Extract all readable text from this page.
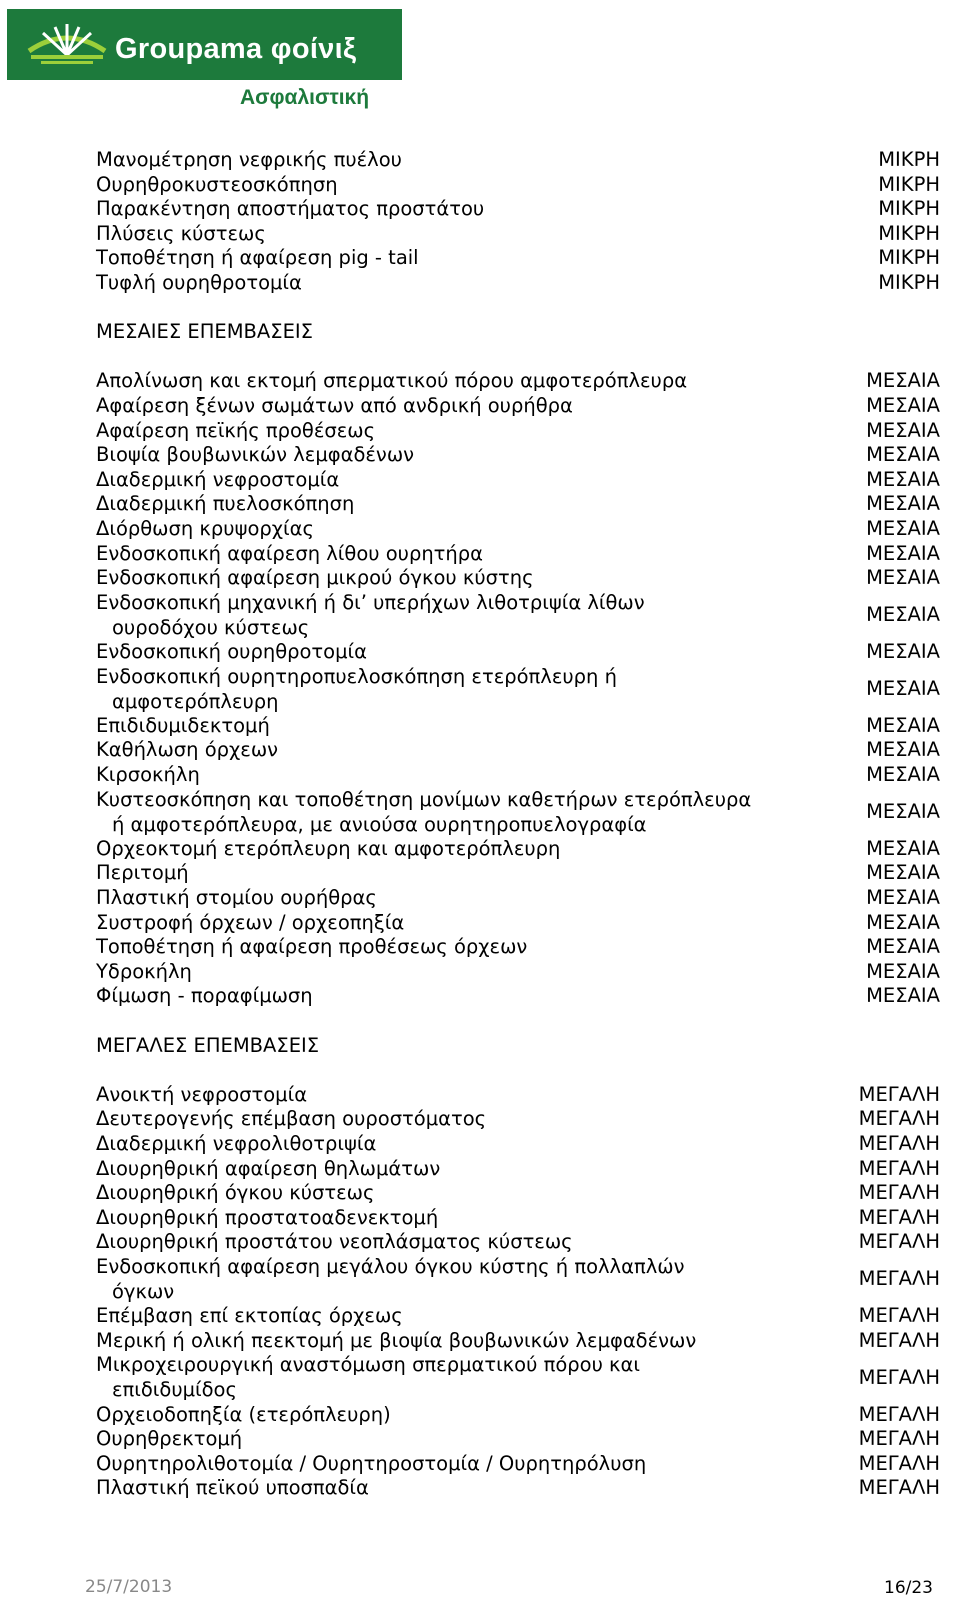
Groupama φοίνιξ
Ασφαλιστική
Μανομέτρηση νεφρικής πυέλου	ΜΙΚΡΗ
Ουρηθροκυστεοσκόπηση	ΜΙΚΡΗ
Παρακέντηση αποστήματος προστάτου	ΜΙΚΡΗ
Πλύσεις κύστεως	ΜΙΚΡΗ
Τοποθέτηση ή αφαίρεση pig - tail	ΜΙΚΡΗ
Τυφλή ουρηθροτομία	ΜΙΚΡΗ
ΜΕΣΑΙΕΣ ΕΠΕΜΒΑΣΕΙΣ
Απολίνωση και εκτομή σπερματικού πόρου αμφοτερόπλευρα	ΜΕΣΑΙΑ
Αφαίρεση ξένων σωμάτων από ανδρική ουρήθρα	ΜΕΣΑΙΑ
Αφαίρεση πεϊκής προθέσεως	ΜΕΣΑΙΑ
Βιοψία βουβωνικών λεμφαδένων	ΜΕΣΑΙΑ
Διαδερμική νεφροστομία	ΜΕΣΑΙΑ
Διαδερμική πυελοσκόπηση	ΜΕΣΑΙΑ
Διόρθωση κρυψορχίας	ΜΕΣΑΙΑ
Ενδοσκοπική αφαίρεση λίθου ουρητήρα	ΜΕΣΑΙΑ
Ενδοσκοπική αφαίρεση μικρού όγκου κύστης	ΜΕΣΑΙΑ
Ενδοσκοπική μηχανική ή δι’ υπερήχων λιθοτριψία λίθων
ουροδόχου κύστεως
ΜΕΣΑΙΑ
Ενδοσκοπική ουρηθροτομία	ΜΕΣΑΙΑ
Ενδοσκοπική ουρητηροπυελοσκόπηση ετερόπλευρη ή
αμφοτερόπλευρη
ΜΕΣΑΙΑ
Επιδιδυμιδεκτομή	ΜΕΣΑΙΑ
Καθήλωση όρχεων	ΜΕΣΑΙΑ
Κιρσοκήλη	ΜΕΣΑΙΑ
Κυστεοσκόπηση και τοποθέτηση μονίμων καθετήρων ετερόπλευρα
ή αμφοτερόπλευρα, με ανιούσα ουρητηροπυελογραφία
ΜΕΣΑΙΑ
Ορχεοκτομή ετερόπλευρη και αμφοτερόπλευρη	ΜΕΣΑΙΑ
Περιτομή	ΜΕΣΑΙΑ
Πλαστική στομίου ουρήθρας	ΜΕΣΑΙΑ
Συστροφή όρχεων / ορχεοπηξία	ΜΕΣΑΙΑ
Τοποθέτηση ή αφαίρεση προθέσεως όρχεων	ΜΕΣΑΙΑ
Υδροκήλη	ΜΕΣΑΙΑ
Φίμωση - ποραφίμωση	ΜΕΣΑΙΑ
ΜΕΓΑΛΕΣ ΕΠΕΜΒΑΣΕΙΣ
Ανοικτή νεφροστομία	ΜΕΓΑΛΗ
Δευτερογενής επέμβαση ουροστόματος	ΜΕΓΑΛΗ
Διαδερμική νεφρολιθοτριψία	ΜΕΓΑΛΗ
Διουρηθρική αφαίρεση θηλωμάτων	ΜΕΓΑΛΗ
Διουρηθρική όγκου κύστεως	ΜΕΓΑΛΗ
Διουρηθρική προστατοαδενεκτομή	ΜΕΓΑΛΗ
Διουρηθρική προστάτου νεοπλάσματος κύστεως	ΜΕΓΑΛΗ
Ενδοσκοπική αφαίρεση μεγάλου όγκου κύστης ή πολλαπλών
όγκων
ΜΕΓΑΛΗ
Επέμβαση επί εκτοπίας όρχεως	ΜΕΓΑΛΗ
Μερική ή ολική πεεκτομή με βιοψία βουβωνικών λεμφαδένων	ΜΕΓΑΛΗ
Μικροχειρουργική αναστόμωση σπερματικού πόρου και
επιδιδυμίδος
ΜΕΓΑΛΗ
Ορχειοδοπηξία (ετερόπλευρη)	ΜΕΓΑΛΗ
Ουρηθρεκτομή	ΜΕΓΑΛΗ
Ουρητηρολιθοτομία / Ουρητηροστομία / Ουρητηρόλυση	ΜΕΓΑΛΗ
Πλαστική πεϊκού υποσπαδία	ΜΕΓΑΛΗ
25/7/2013	16/23
